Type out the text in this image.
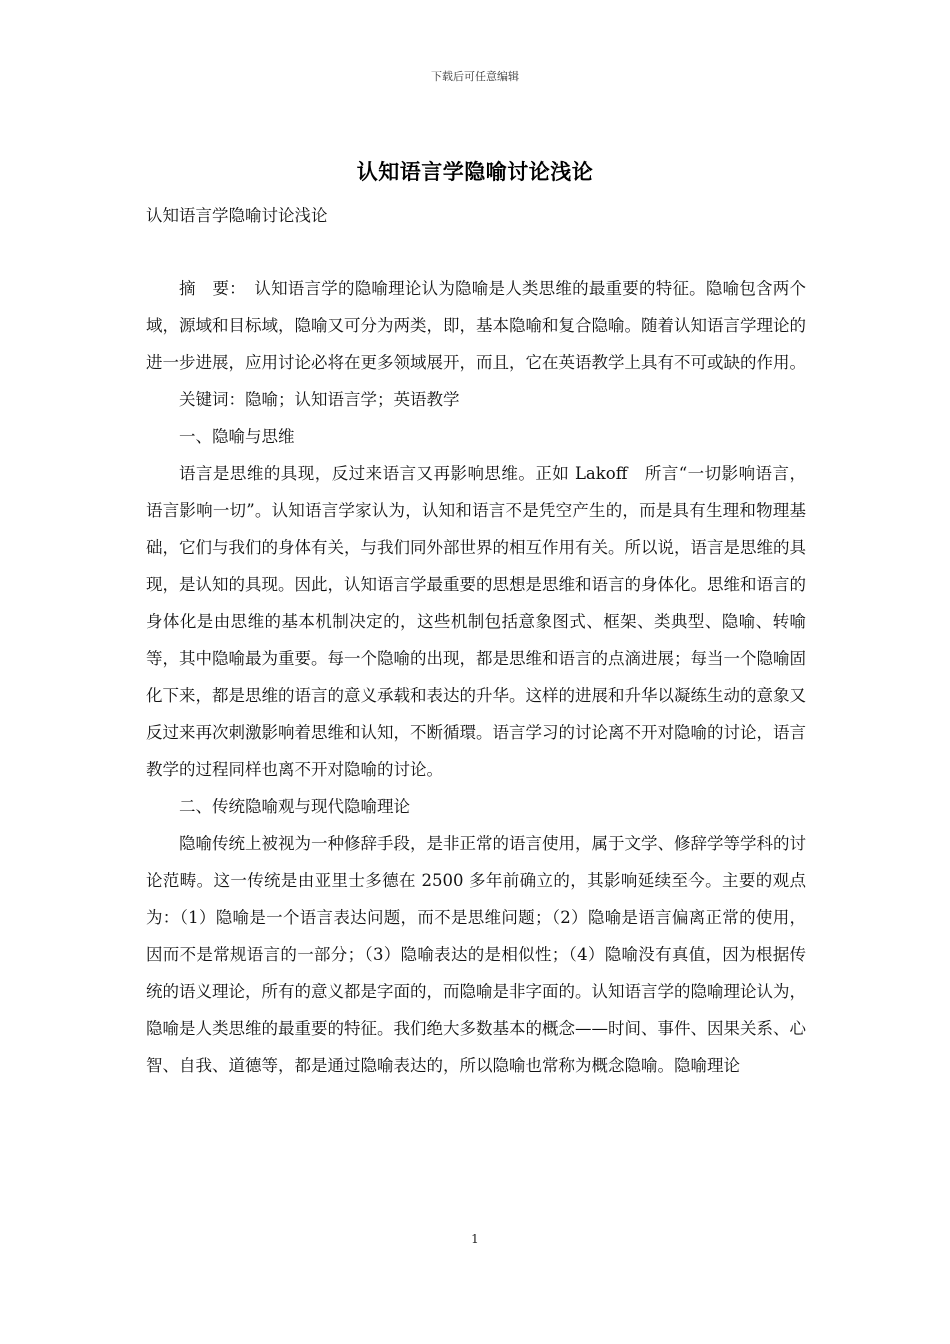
下载后可任意编辑
认知语言学隐喻讨论浅论
认知语言学隐喻讨论浅论

摘　要：　认知语言学的隐喻理论认为隐喻是人类思维的最重要的特征。隐喻包含两个域，源域和目标域，隐喻又可分为两类，即，基本隐喻和复合隐喻。随着认知语言学理论的进一步进展，应用讨论必将在更多领域展开，而且，它在英语教学上具有不可或缺的作用。

关键词：隐喻；认知语言学；英语教学

一、隐喻与思维

语言是思维的具现，反过来语言又再影响思维。正如 Lakoff　所言“一切影响语言，语言影响一切”。认知语言学家认为，认知和语言不是凭空产生的，而是具有生理和物理基础，它们与我们的身体有关，与我们同外部世界的相互作用有关。所以说，语言是思维的具现，是认知的具现。因此，认知语言学最重要的思想是思维和语言的身体化。思维和语言的身体化是由思维的基本机制决定的，这些机制包括意象图式、框架、类典型、隐喻、转喻等，其中隐喻最为重要。每一个隐喻的出现，都是思维和语言的点滴进展；每当一个隐喻固化下来，都是思维的语言的意义承载和表达的升华。这样的进展和升华以凝练生动的意象又反过来再次刺激影响着思维和认知，不断循環。语言学习的讨论离不开对隐喻的讨论，语言教学的过程同样也离不开对隐喻的讨论。

二、传统隐喻观与现代隐喻理论

隐喻传统上被视为一种修辞手段，是非正常的语言使用，属于文学、修辞学等学科的讨论范畴。这一传统是由亚里士多德在 2500 多年前确立的，其影响延续至今。主要的观点为：（1）隐喻是一个语言表达问题，而不是思维问题；（2）隐喻是语言偏离正常的使用，因而不是常规语言的一部分；（3）隐喻表达的是相似性；（4）隐喻没有真值，因为根据传统的语义理论，所有的意义都是字面的，而隐喻是非字面的。认知语言学的隐喻理论认为，隐喻是人类思维的最重要的特征。我们绝大多数基本的概念——时间、事件、因果关系、心智、自我、道德等，都是通过隐喻表达的，所以隐喻也常称为概念隐喻。隐喻理论

1
